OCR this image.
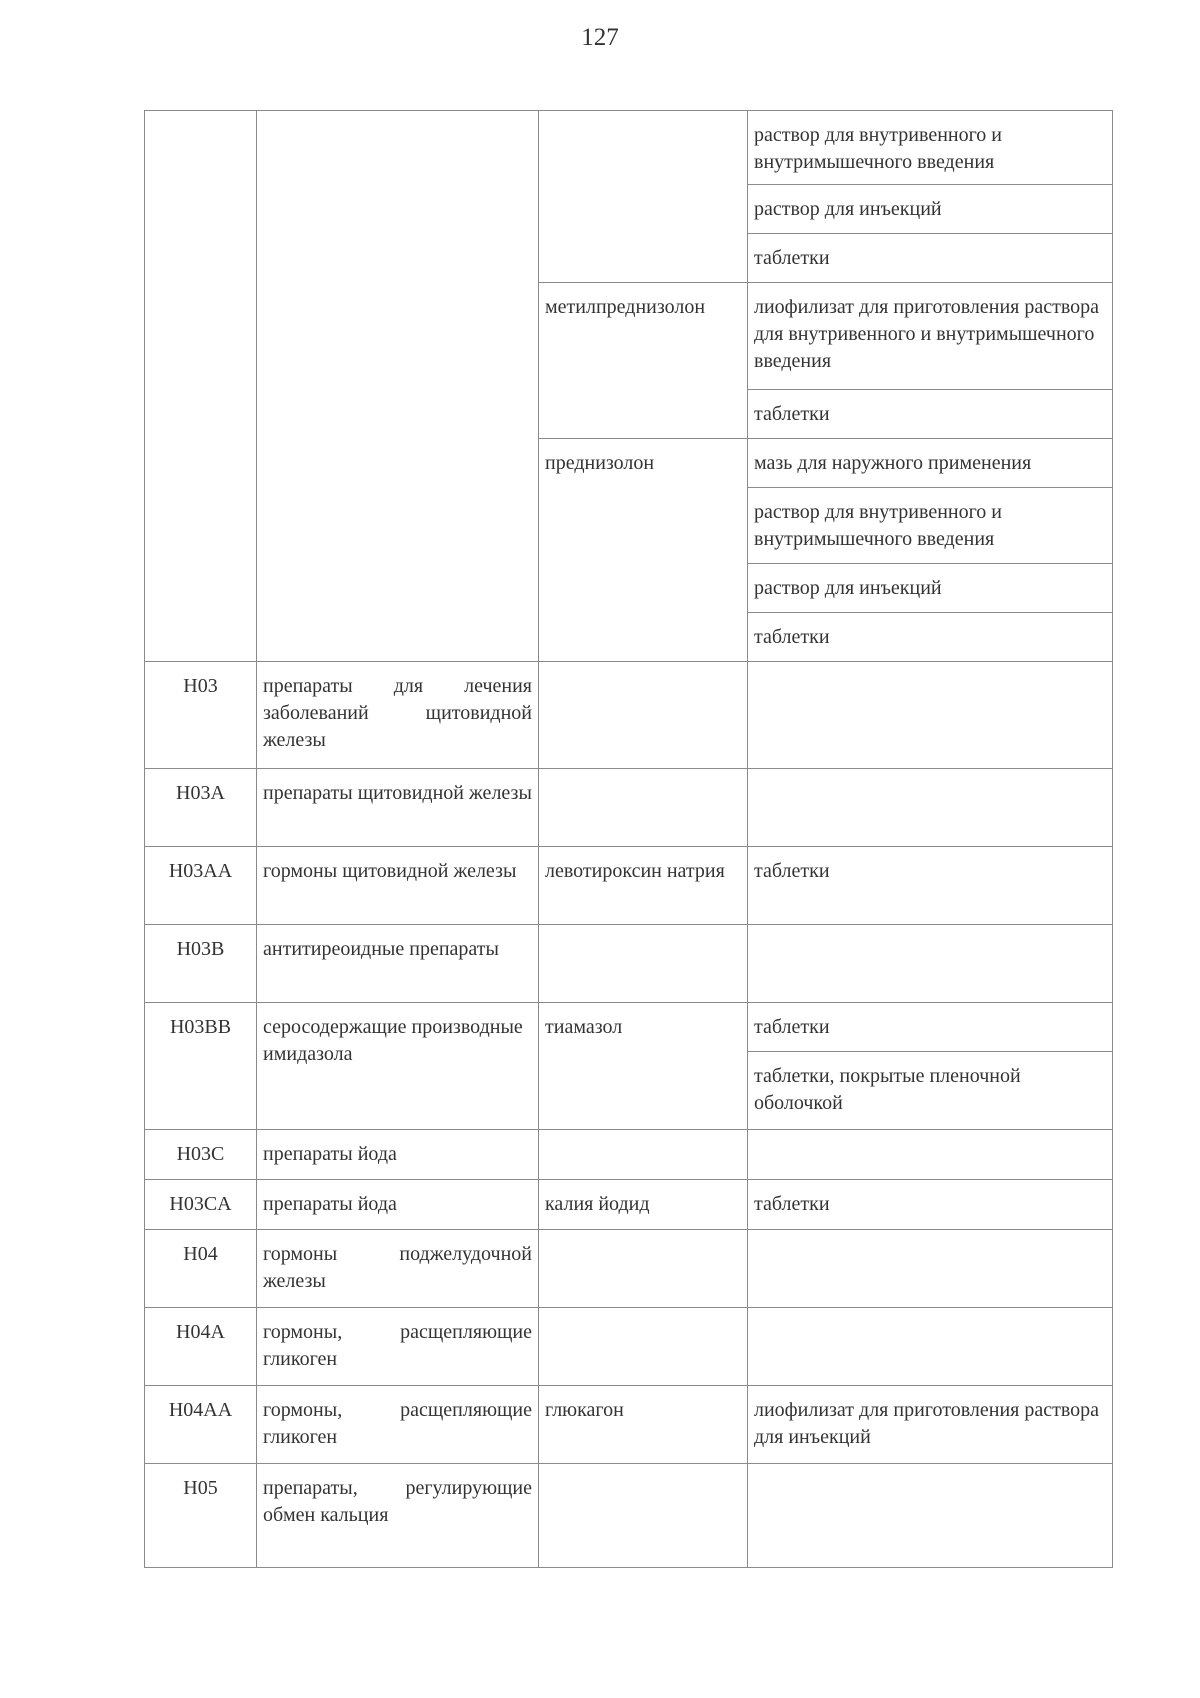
127
			раствор для внутривенного и внутримышечного введения
			раствор для инъекций
			таблетки
		метилпреднизолон	лиофилизат для приготовления раствора для внутривенного и внутримышечного введения
			таблетки
		преднизолон	мазь для наружного применения
			раствор для внутривенного и внутримышечного введения
			раствор для инъекций
			таблетки

H03	препараты для лечения заболеваний щитовидной железы		
H03A	препараты щитовидной железы		
H03AA	гормоны щитовидной железы	левотироксин натрия	таблетки
H03B	антитиреоидные препараты		
H03BB	серосодержащие производные имидазола	тиамазол	таблетки
			таблетки, покрытые пленочной оболочкой
H03C	препараты йода		
H03CA	препараты йода	калия йодид	таблетки
H04	гормоны поджелудочной железы		
H04A	гормоны, расщепляющие гликоген		
H04AA	гормоны, расщепляющие гликоген	глюкагон	лиофилизат для приготовления раствора для инъекций
H05	препараты, регулирующие обмен кальция		
